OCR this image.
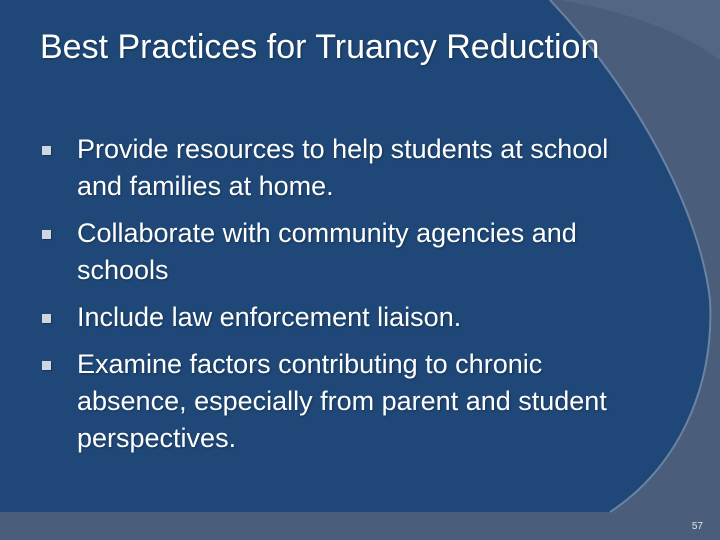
Best Practices for Truancy Reduction
Provide resources to help students at school and families at home.
Collaborate with community agencies and schools
Include law enforcement liaison.
Examine factors contributing to chronic absence, especially from parent and student perspectives.
57
